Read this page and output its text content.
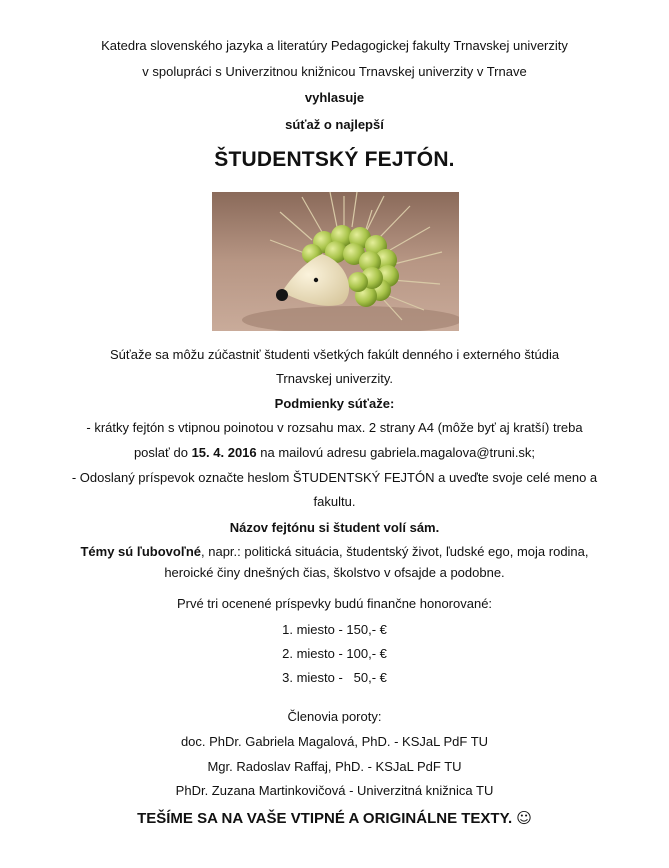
Katedra slovenského jazyka a literatúry Pedagogickej fakulty Trnavskej univerzity
v spolupráci s Univerzitnou knižnicou Trnavskej univerzity v Trnave
vyhlasuje
súťaž o najlepší
ŠTUDENTSKÝ FEJTÓN.
Súťaže sa môžu zúčastniť študenti všetkých fakúlt denného i externého štúdia
Trnavskej univerzity.
Podmienky súťaže:
- krátky fejtón s vtipnou poinotou v rozsahu max. 2 strany A4 (môže byť aj kratší) treba
poslať do 15. 4. 2016 na mailovú adresu gabriela.magalova@truni.sk;
- Odoslaný príspevok označte heslom ŠTUDENTSKÝ FEJTÓN a uveďte svoje celé meno a
fakultu.
Názov fejtónu si študent volí sám.
Témy sú ľubovoľné, napr.: politická situácia, študentský život, ľudské ego, moja rodina,
heroické činy dnešných čias, školstvo v ofsajde a podobne.
Prvé tri ocenené príspevky budú finančne honorované:
1. miesto - 150,- €
2. miesto - 100,- €
3. miesto -   50,- €
Členovia poroty:
doc. PhDr. Gabriela Magalová, PhD. - KSJaL PdF TU
Mgr. Radoslav Raffaj, PhD. - KSJaL PdF TU
PhDr. Zuzana Martinkovičová - Univerzitná knižnica TU
TEŠÍME SA NA VAŠE VTIPNÉ A ORIGINÁLNE TEXTY. ☺
